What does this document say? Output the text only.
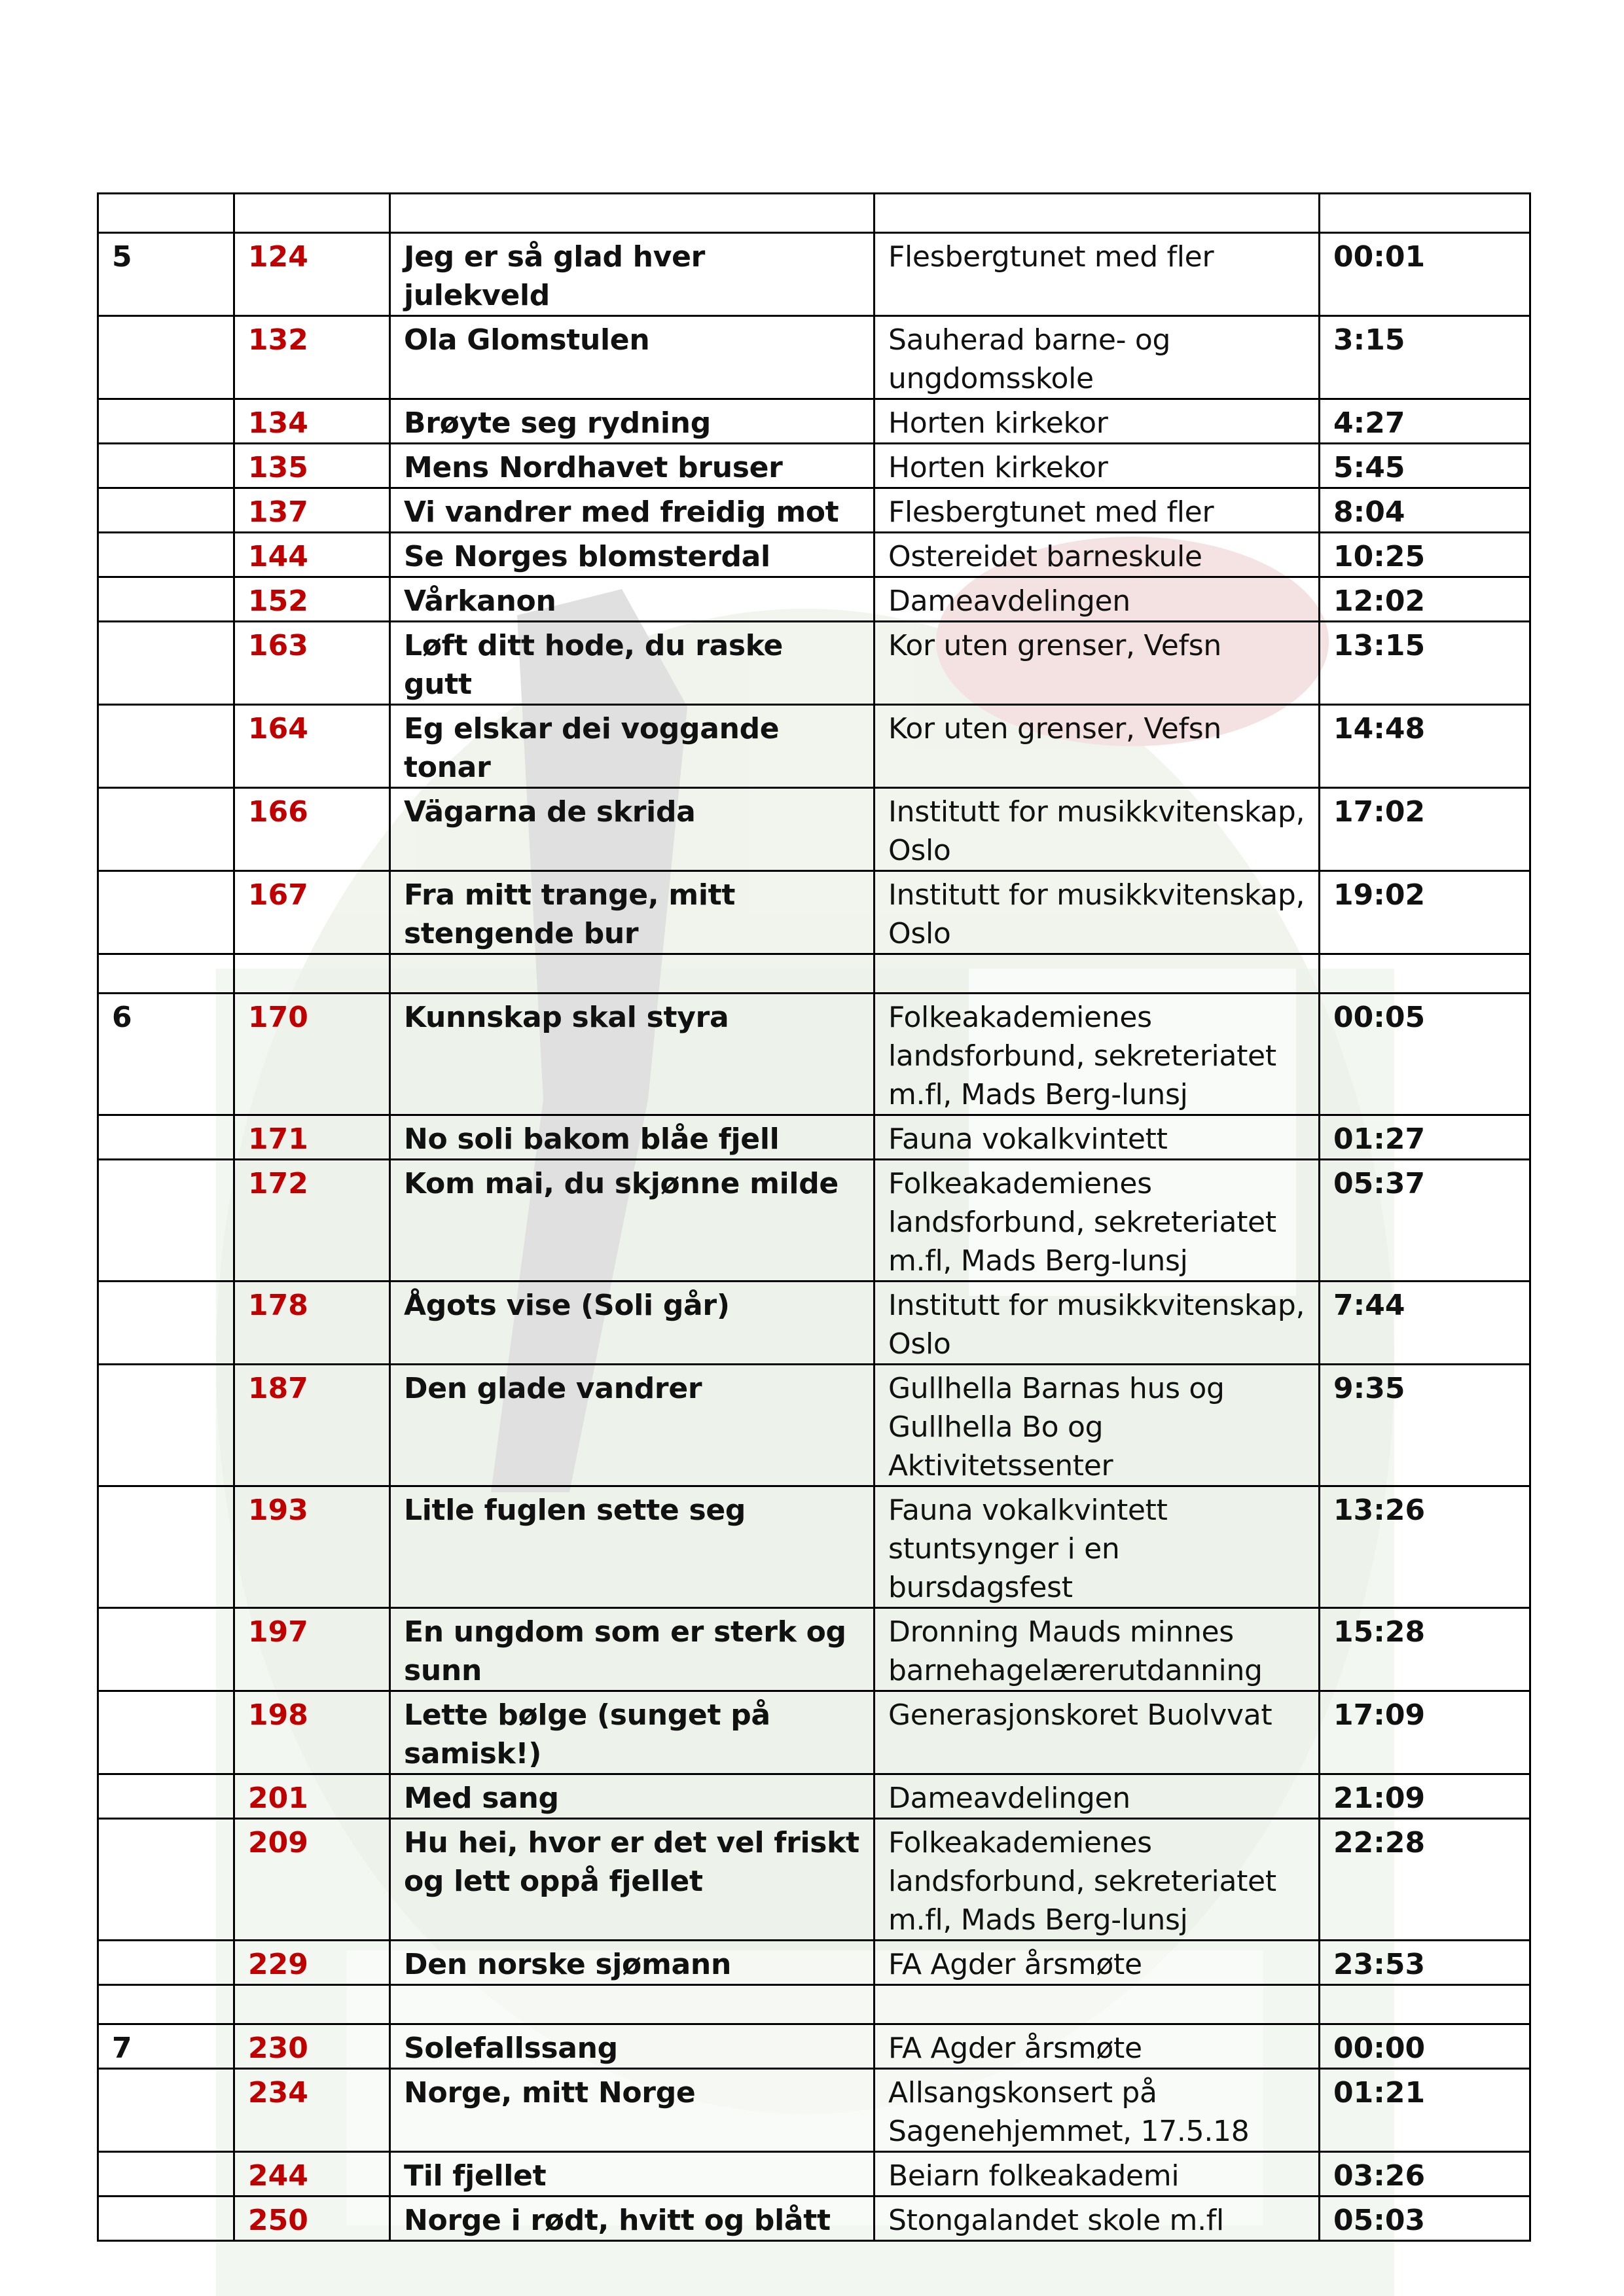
5	124	Jeg er så glad hver julekveld	Flesbergtunet med fler	00:01
	132	Ola Glomstulen	Sauherad barne- og ungdomsskole	3:15
	134	Brøyte seg rydning	Horten kirkekor	4:27
	135	Mens Nordhavet bruser	Horten kirkekor	5:45
	137	Vi vandrer med freidig mot	Flesbergtunet med fler	8:04
	144	Se Norges blomsterdal	Ostereidet barneskule	10:25
	152	Vårkanon	Dameavdelingen	12:02
	163	Løft ditt hode, du raske gutt	Kor uten grenser, Vefsn	13:15
	164	Eg elskar dei voggande tonar	Kor uten grenser, Vefsn	14:48
	166	Vägarna de skrida	Institutt for musikkvitenskap, Oslo	17:02
	167	Fra mitt trange, mitt stengende bur	Institutt for musikkvitenskap, Oslo	19:02

6	170	Kunnskap skal styra	Folkeakademienes landsforbund, sekreteriatet m.fl, Mads Berg-lunsj	00:05
	171	No soli bakom blåe fjell	Fauna vokalkvintett	01:27
	172	Kom mai, du skjønne milde	Folkeakademienes landsforbund, sekreteriatet m.fl, Mads Berg-lunsj	05:37
	178	Ågots vise (Soli går)	Institutt for musikkvitenskap, Oslo	7:44
	187	Den glade vandrer	Gullhella Barnas hus og Gullhella Bo og Aktivitetssenter	9:35
	193	Litle fuglen sette seg	Fauna vokalkvintett stuntsynger i en bursdagsfest	13:26
	197	En ungdom som er sterk og sunn	Dronning Mauds minnes barnehagelærerutdanning	15:28
	198	Lette bølge (sunget på samisk!)	Generasjonskoret Buolvvat	17:09
	201	Med sang	Dameavdelingen	21:09
	209	Hu hei, hvor er det vel friskt og lett oppå fjellet	Folkeakademienes landsforbund, sekreteriatet m.fl, Mads Berg-lunsj	22:28
	229	Den norske sjømann	FA Agder årsmøte	23:53

7	230	Solefallssang	FA Agder årsmøte	00:00
	234	Norge, mitt Norge	Allsangskonsert på Sagenehjemmet, 17.5.18	01:21
	244	Til fjellet	Beiarn folkeakademi	03:26
	250	Norge i rødt, hvitt og blått	Stongalandet skole m.fl	05:03
